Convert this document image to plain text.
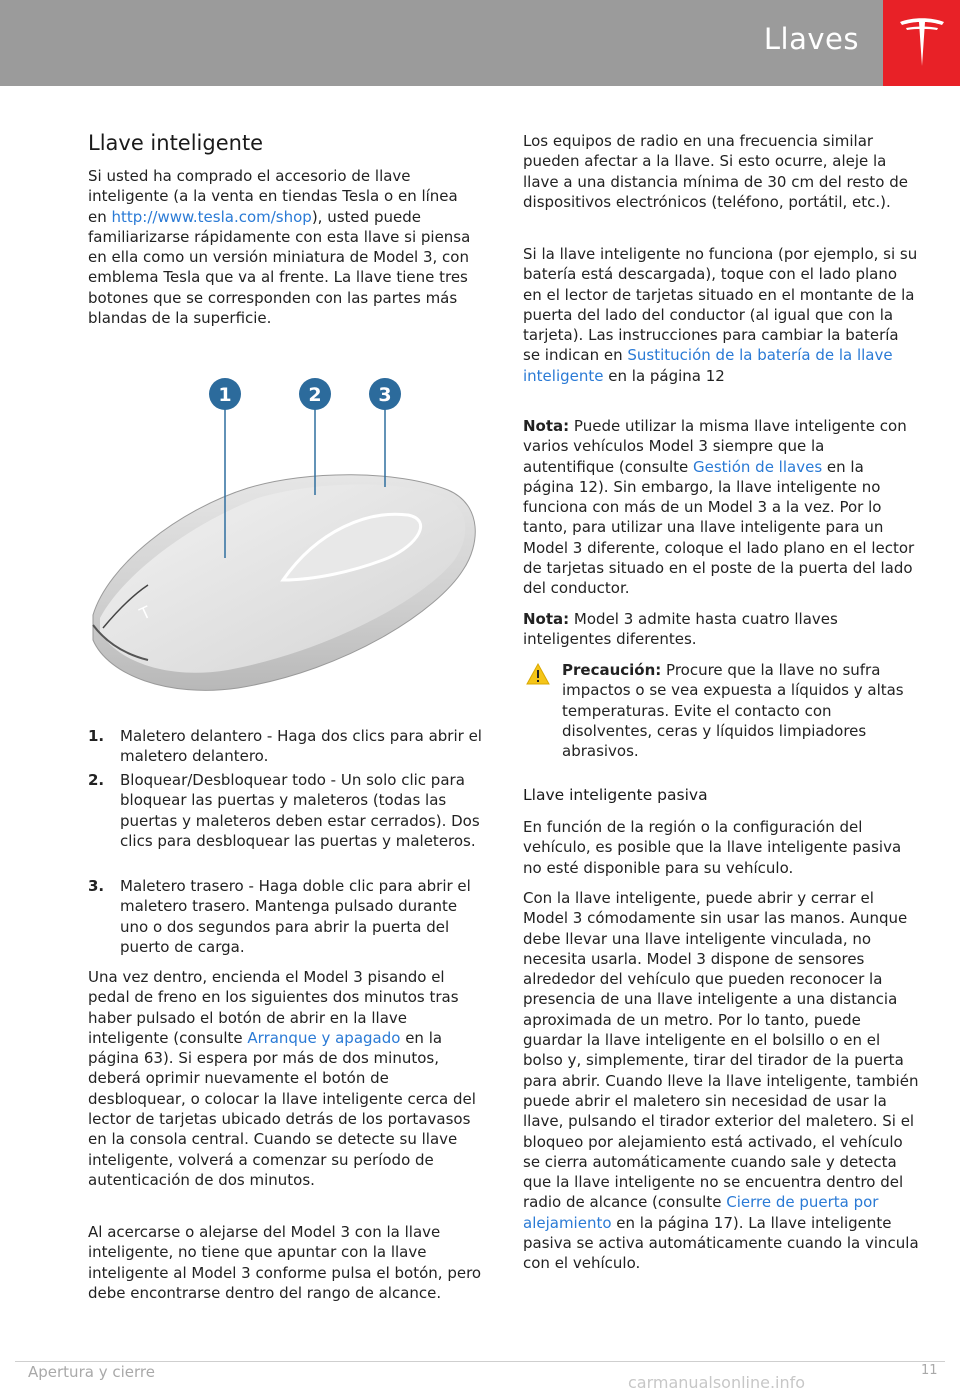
Llaves
Llave inteligente

Si usted ha comprado el accesorio de llave inteligente (a la venta en tiendas Tesla o en línea en http://www.tesla.com/shop), usted puede familiarizarse rápidamente con esta llave si piensa en ella como un versión miniatura de Model 3, con emblema Tesla que va al frente. La llave tiene tres botones que se corresponden con las partes más blandas de la superficie.

T
1	2	3
1. Maletero delantero - Haga dos clics para abrir el maletero delantero.

2. Bloquear/Desbloquear todo - Un solo clic para bloquear las puertas y maleteros (todas las puertas y maleteros deben estar cerrados). Dos clics para desbloquear las puertas y maleteros.

3. Maletero trasero - Haga doble clic para abrir el maletero trasero. Mantenga pulsado durante uno o dos segundos para abrir la puerta del puerto de carga.

Una vez dentro, encienda el Model 3 pisando el pedal de freno en los siguientes dos minutos tras haber pulsado el botón de abrir en la llave inteligente (consulte Arranque y apagado en la página 63). Si espera por más de dos minutos, deberá oprimir nuevamente el botón de desbloquear, o colocar la llave inteligente cerca del lector de tarjetas ubicado detrás de los portavasos en la consola central. Cuando se detecte su llave inteligente, volverá a comenzar su período de autenticación de dos minutos.

Al acercarse o alejarse del Model 3 con la llave inteligente, no tiene que apuntar con la llave inteligente al Model 3 conforme pulsa el botón, pero debe encontrarse dentro del rango de alcance.

Los equipos de radio en una frecuencia similar pueden afectar a la llave. Si esto ocurre, aleje la llave a una distancia mínima de 30 cm del resto de dispositivos electrónicos (teléfono, portátil, etc.).

Si la llave inteligente no funciona (por ejemplo, si su batería está descargada), toque con el lado plano en el lector de tarjetas situado en el montante de la puerta del lado del conductor (al igual que con la tarjeta). Las instrucciones para cambiar la batería se indican en Sustitución de la batería de la llave inteligente en la página 12

Nota: Puede utilizar la misma llave inteligente con varios vehículos Model 3 siempre que la autentifique (consulte Gestión de llaves en la página 12). Sin embargo, la llave inteligente no funciona con más de un Model 3 a la vez. Por lo tanto, para utilizar una llave inteligente para un Model 3 diferente, coloque el lado plano en el lector de tarjetas situado en el poste de la puerta del lado del conductor.

Nota: Model 3 admite hasta cuatro llaves inteligentes diferentes.

Precaución: Procure que la llave no sufra impactos o se vea expuesta a líquidos y altas temperaturas. Evite el contacto con disolventes, ceras y líquidos limpiadores abrasivos.

Llave inteligente pasiva

En función de la región o la configuración del vehículo, es posible que la llave inteligente pasiva no esté disponible para su vehículo.

Con la llave inteligente, puede abrir y cerrar el Model 3 cómodamente sin usar las manos. Aunque debe llevar una llave inteligente vinculada, no necesita usarla. Model 3 dispone de sensores alrededor del vehículo que pueden reconocer la presencia de una llave inteligente a una distancia aproximada de un metro. Por lo tanto, puede guardar la llave inteligente en el bolsillo o en el bolso y, simplemente, tirar del tirador de la puerta para abrir. Cuando lleve la llave inteligente, también puede abrir el maletero sin necesidad de usar la llave, pulsando el tirador exterior del maletero. Si el bloqueo por alejamiento está activado, el vehículo se cierra automáticamente cuando sale y detecta que la llave inteligente no se encuentra dentro del radio de alcance (consulte Cierre de puerta por alejamiento en la página 17). La llave inteligente pasiva se activa automáticamente cuando la vincula con el vehículo.

Apertura y cierre	11
carmanualsonline.info
